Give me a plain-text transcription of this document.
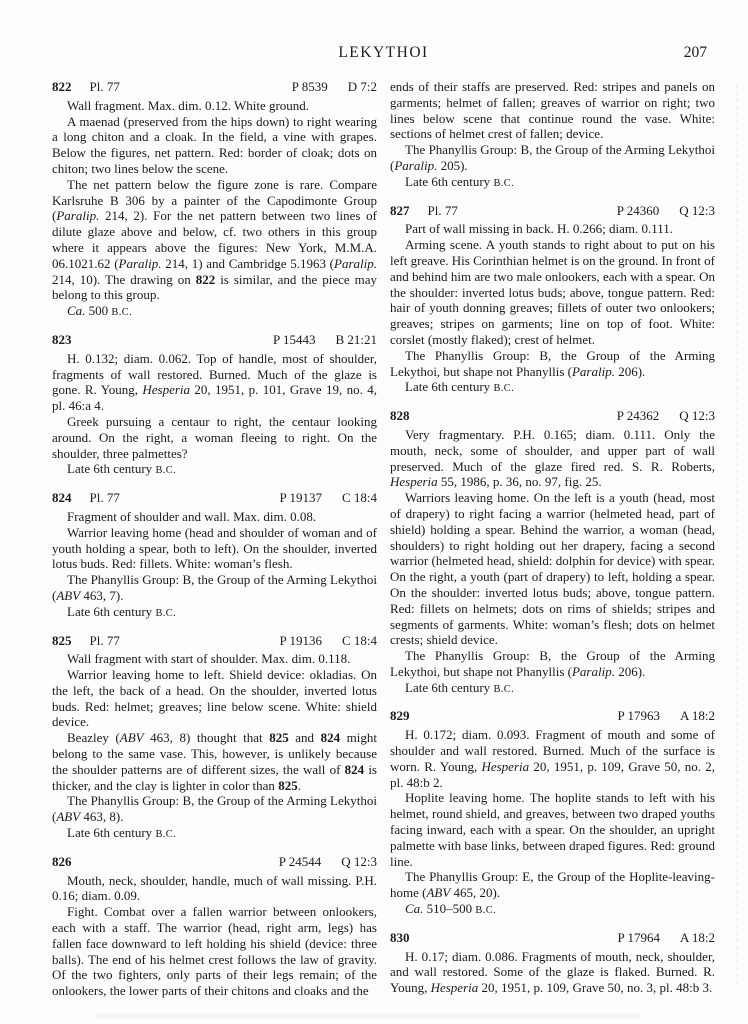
LEKYTHOI	207
822 Pl. 77	P 8539 D 7:2

Wall fragment. Max. dim. 0.12. White ground.

A maenad (preserved from the hips down) to right wearing a long chiton and a cloak. In the field, a vine with grapes. Below the figures, net pattern. Red: border of cloak; dots on chiton; two lines below the scene.

The net pattern below the figure zone is rare. Compare Karlsruhe B 306 by a painter of the Capodimonte Group (Paralip. 214, 2). For the net pattern between two lines of dilute glaze above and below, cf. two others in this group where it appears above the figures: New York, M.M.A. 06.1021.62 (Paralip. 214, 1) and Cambridge 5.1963 (Paralip. 214, 10). The drawing on 822 is similar, and the piece may belong to this group.

Ca. 500 B.C.

823	P 15443 B 21:21

H. 0.132; diam. 0.062. Top of handle, most of shoulder, fragments of wall restored. Burned. Much of the glaze is gone. R. Young, Hesperia 20, 1951, p. 101, Grave 19, no. 4, pl. 46:a 4.

Greek pursuing a centaur to right, the centaur looking around. On the right, a woman fleeing to right. On the shoulder, three palmettes?

Late 6th century B.C.

824 Pl. 77	P 19137 C 18:4

Fragment of shoulder and wall. Max. dim. 0.08.

Warrior leaving home (head and shoulder of woman and of youth holding a spear, both to left). On the shoulder, inverted lotus buds. Red: fillets. White: woman’s flesh.

The Phanyllis Group: B, the Group of the Arming Lekythoi (ABV 463, 7).

Late 6th century B.C.

825 Pl. 77	P 19136 C 18:4

Wall fragment with start of shoulder. Max. dim. 0.118.

Warrior leaving home to left. Shield device: okladias. On the left, the back of a head. On the shoulder, inverted lotus buds. Red: helmet; greaves; line below scene. White: shield device.

Beazley (ABV 463, 8) thought that 825 and 824 might belong to the same vase. This, however, is unlikely because the shoulder patterns are of different sizes, the wall of 824 is thicker, and the clay is lighter in color than 825.

The Phanyllis Group: B, the Group of the Arming Lekythoi (ABV 463, 8).

Late 6th century B.C.

826	P 24544 Q 12:3

Mouth, neck, shoulder, handle, much of wall missing. P.H. 0.16; diam. 0.09.

Fight. Combat over a fallen warrior between onlookers, each with a staff. The warrior (head, right arm, legs) has fallen face downward to left holding his shield (device: three balls). The end of his helmet crest follows the law of gravity. Of the two fighters, only parts of their legs remain; of the onlookers, the lower parts of their chitons and cloaks and the

ends of their staffs are preserved. Red: stripes and panels on garments; helmet of fallen; greaves of warrior on right; two lines below scene that continue round the vase. White: sections of helmet crest of fallen; device.

The Phanyllis Group: B, the Group of the Arming Lekythoi (Paralip. 205).

Late 6th century B.C.

827 Pl. 77	P 24360 Q 12:3

Part of wall missing in back. H. 0.266; diam. 0.111.

Arming scene. A youth stands to right about to put on his left greave. His Corinthian helmet is on the ground. In front of and behind him are two male onlookers, each with a spear. On the shoulder: inverted lotus buds; above, tongue pattern. Red: hair of youth donning greaves; fillets of outer two onlookers; greaves; stripes on garments; line on top of foot. White: corslet (mostly flaked); crest of helmet.

The Phanyllis Group: B, the Group of the Arming Lekythoi, but shape not Phanyllis (Paralip. 206).

Late 6th century B.C.

828	P 24362 Q 12:3

Very fragmentary. P.H. 0.165; diam. 0.111. Only the mouth, neck, some of shoulder, and upper part of wall preserved. Much of the glaze fired red. S. R. Roberts, Hesperia 55, 1986, p. 36, no. 97, fig. 25.

Warriors leaving home. On the left is a youth (head, most of drapery) to right facing a warrior (helmeted head, part of shield) holding a spear. Behind the warrior, a woman (head, shoulders) to right holding out her drapery, facing a second warrior (helmeted head, shield: dolphin for device) with spear. On the right, a youth (part of drapery) to left, holding a spear. On the shoulder: inverted lotus buds; above, tongue pattern. Red: fillets on helmets; dots on rims of shields; stripes and segments of garments. White: woman’s flesh; dots on helmet crests; shield device.

The Phanyllis Group: B, the Group of the Arming Lekythoi, but shape not Phanyllis (Paralip. 206).

Late 6th century B.C.

829	P 17963 A 18:2

H. 0.172; diam. 0.093. Fragment of mouth and some of shoulder and wall restored. Burned. Much of the surface is worn. R. Young, Hesperia 20, 1951, p. 109, Grave 50, no. 2, pl. 48:b 2.

Hoplite leaving home. The hoplite stands to left with his helmet, round shield, and greaves, between two draped youths facing inward, each with a spear. On the shoulder, an upright palmette with base links, between draped figures. Red: ground line.

The Phanyllis Group: E, the Group of the Hoplite-leaving-home (ABV 465, 20).

Ca. 510–500 B.C.

830	P 17964 A 18:2

H. 0.17; diam. 0.086. Fragments of mouth, neck, shoulder, and wall restored. Some of the glaze is flaked. Burned. R. Young, Hesperia 20, 1951, p. 109, Grave 50, no. 3, pl. 48:b 3.
